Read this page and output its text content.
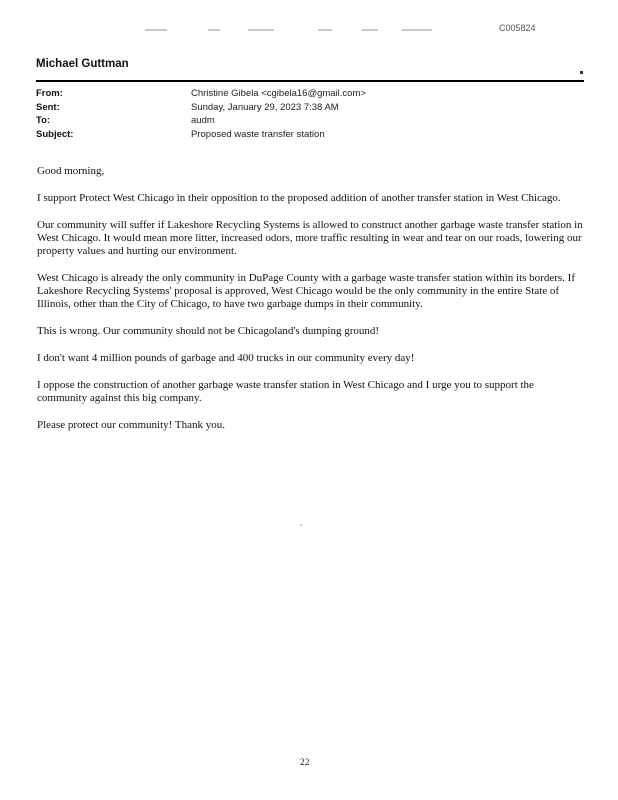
C005824
Michael Guttman
From:	Christine Gibela <cgibela16@gmail.com>
Sent:	Sunday, January 29, 2023 7:38 AM
To:	audm
Subject:	Proposed waste transfer station

Good morning,

I support Protect West Chicago in their opposition to the proposed addition of another transfer station in West Chicago.

Our community will suffer if Lakeshore Recycling Systems is allowed to construct another garbage waste transfer station in West Chicago. It would mean more litter, increased odors, more traffic resulting in wear and tear on our roads, lowering our property values and hurting our environment.

West Chicago is already the only community in DuPage County with a garbage waste transfer station within its borders. If Lakeshore Recycling Systems' proposal is approved, West Chicago would be the only community in the entire State of Illinois, other than the City of Chicago, to have two garbage dumps in their community.

This is wrong. Our community should not be Chicagoland's dumping ground!

I don't want 4 million pounds of garbage and 400 trucks in our community every day!

I oppose the construction of another garbage waste transfer station in West Chicago and I urge you to support the community against this big company.

Please protect our community! Thank you.

22
